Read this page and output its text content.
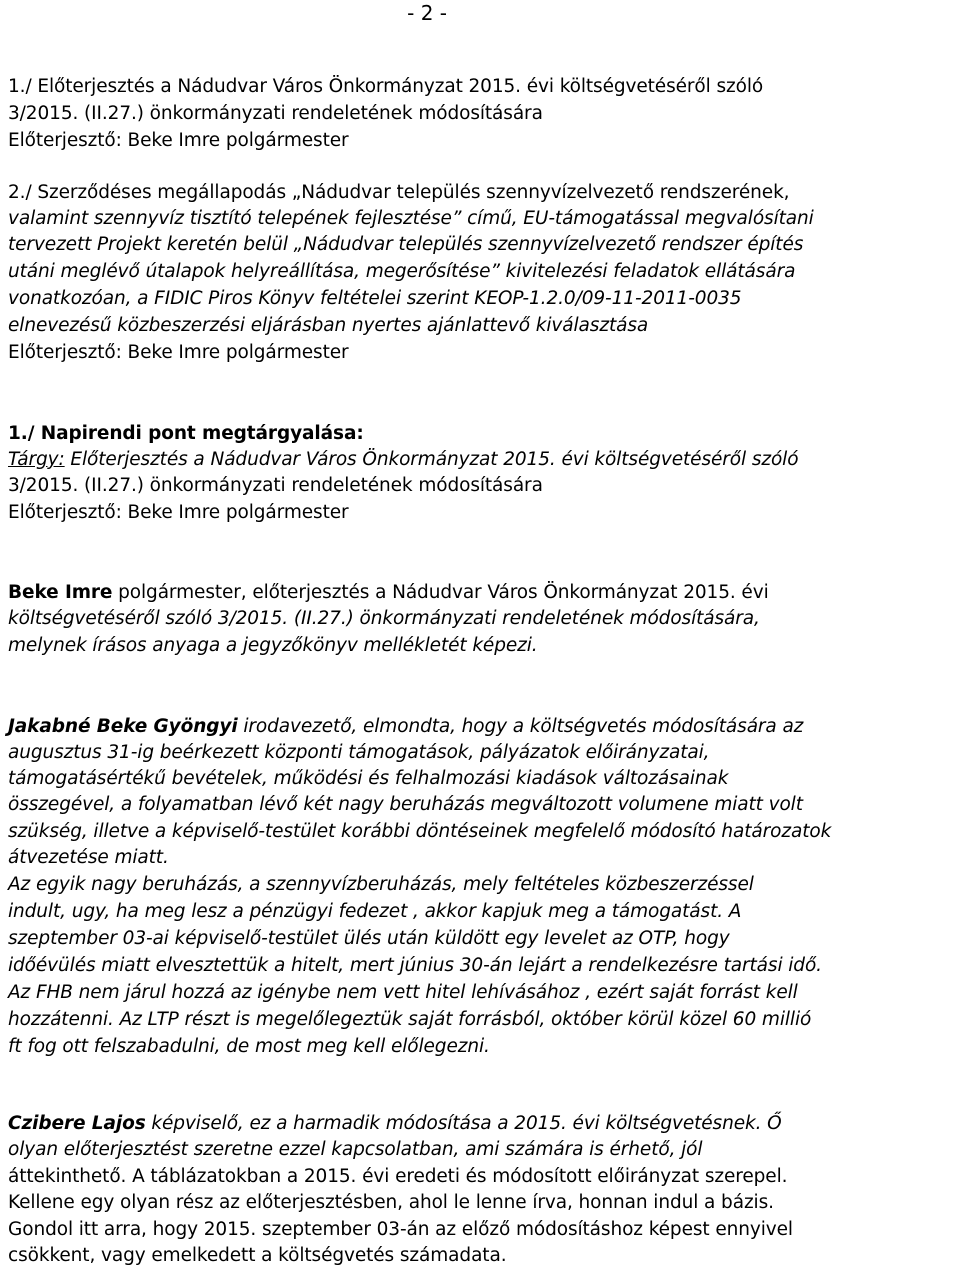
- 2 -
1./ Előterjesztés a Nádudvar Város Önkormányzat 2015. évi költségvetéséről szóló
3/2015. (II.27.) önkormányzati rendeletének módosítására
Előterjesztő: Beke Imre polgármester
2./ Szerződéses megállapodás „Nádudvar település szennyvízelvezető rendszerének,
valamint szennyvíz tisztító telepének fejlesztése” című, EU-támogatással megvalósítani
tervezett Projekt keretén belül „Nádudvar település szennyvízelvezető rendszer építés
utáni meglévő útalapok helyreállítása, megerősítése” kivitelezési feladatok ellátására
vonatkozóan, a FIDIC Piros Könyv feltételei szerint KEOP-1.2.0/09-11-2011-0035
elnevezésű közbeszerzési eljárásban nyertes ajánlattevő kiválasztása
Előterjesztő: Beke Imre polgármester
1./ Napirendi pont megtárgyalása:
Tárgy: Előterjesztés a Nádudvar Város Önkormányzat 2015. évi költségvetéséről szóló
3/2015. (II.27.) önkormányzati rendeletének módosítására
Előterjesztő: Beke Imre polgármester
Beke Imre polgármester, előterjesztés a Nádudvar Város Önkormányzat 2015. évi
költségvetéséről szóló 3/2015. (II.27.) önkormányzati rendeletének módosítására,
melynek írásos anyaga a jegyzőkönyv mellékletét képezi.
Jakabné Beke Gyöngyi irodavezető, elmondta, hogy a költségvetés módosítására az
augusztus 31-ig beérkezett központi támogatások, pályázatok előirányzatai,
támogatásértékű bevételek, működési és felhalmozási kiadások változásainak
összegével, a folyamatban lévő két nagy beruházás megváltozott volumene miatt volt
szükség, illetve a képviselő-testület korábbi döntéseinek megfelelő módosító határozatok
átvezetése miatt.
Az egyik nagy beruházás, a szennyvízberuházás, mely feltételes közbeszerzéssel
indult, ugy, ha meg lesz a pénzügyi fedezet , akkor kapjuk meg a támogatást. A
szeptember 03-ai képviselő-testület ülés után küldött egy levelet az OTP, hogy
időévülés miatt elvesztettük a hitelt, mert június 30-án lejárt a rendelkezésre tartási idő.
Az FHB nem járul hozzá az igénybe nem vett hitel lehívásához , ezért saját forrást kell
hozzátenni. Az LTP részt is megelőlegeztük saját forrásból, október körül közel 60 millió
ft fog ott felszabadulni, de most meg kell előlegezni.
Czibere Lajos képviselő, ez a harmadik módosítása a 2015. évi költségvetésnek. Ő
olyan előterjesztést szeretne ezzel kapcsolatban, ami számára is érhető, jól
áttekinthető. A táblázatokban a 2015. évi eredeti és módosított előirányzat szerepel.
Kellene egy olyan rész az előterjesztésben, ahol le lenne írva, honnan indul a bázis.
Gondol itt arra, hogy 2015. szeptember 03-án az előző módosításhoz képest ennyivel
csökkent, vagy emelkedett a költségvetés számadata.
